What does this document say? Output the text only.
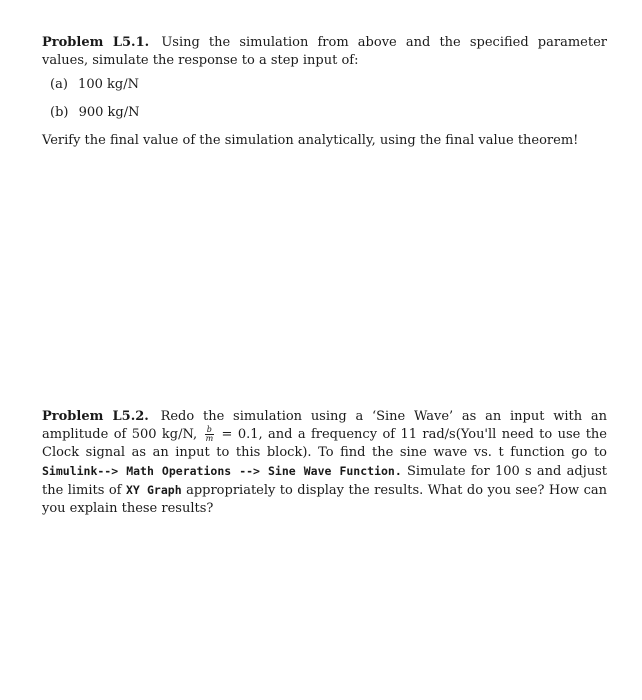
Problem L5.1. Using the simulation from above and the specified parameter values, simulate the response to a step input of:
(a) 100 kg/N
(b) 900 kg/N
Verify the final value of the simulation analytically, using the final value theorem!
Problem L5.2. Redo the simulation using a ‘Sine Wave’ as an input with an amplitude of 500 kg/N, $\frac{b}{m} = 0.1$, and a frequency of 11 rad/s(You'll need to use the Clock signal as an input to this block). To find the sine wave vs. t function go to Simulink--> Math Operations --> Sine Wave Function. Simulate for 100 s and adjust the limits of XY Graph appropriately to display the results. What do you see? How can you explain these results?
